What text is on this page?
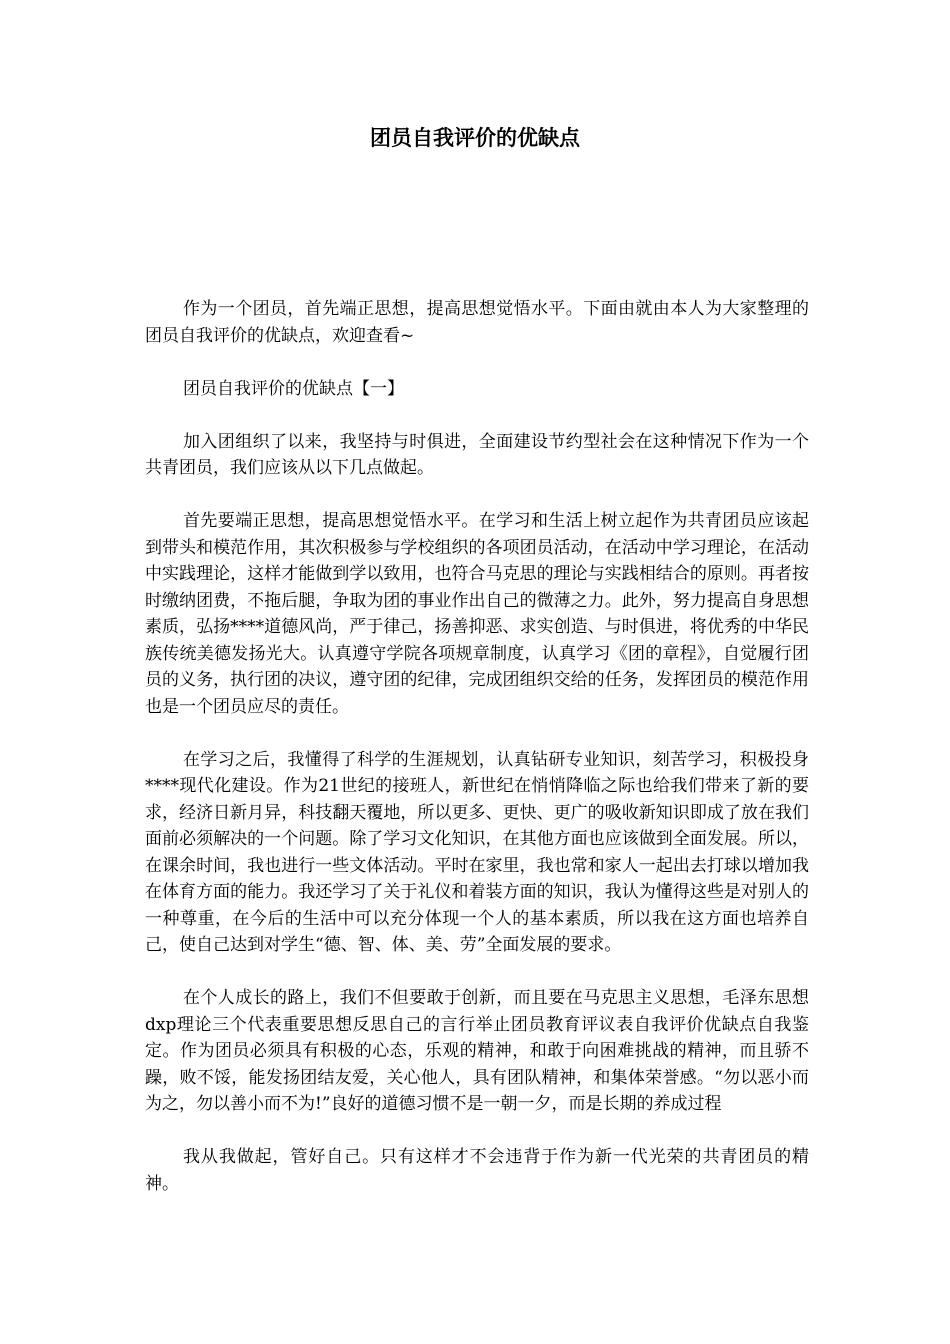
团员自我评价的优缺点

作为一个团员，首先端正思想，提高思想觉悟水平。下面由就由本人为大家整理的团员自我评价的优缺点，欢迎查看~

团员自我评价的优缺点【一】

加入团组织了以来，我坚持与时俱进，全面建设节约型社会在这种情况下作为一个共青团员，我们应该从以下几点做起。

首先要端正思想，提高思想觉悟水平。在学习和生活上树立起作为共青团员应该起到带头和模范作用，其次积极参与学校组织的各项团员活动，在活动中学习理论，在活动中实践理论，这样才能做到学以致用，也符合马克思的理论与实践相结合的原则。再者按时缴纳团费，不拖后腿，争取为团的事业作出自己的微薄之力。此外，努力提高自身思想素质，弘扬****道德风尚，严于律己，扬善抑恶、求实创造、与时俱进，将优秀的中华民族传统美德发扬光大。认真遵守学院各项规章制度，认真学习《团的章程》，自觉履行团员的义务，执行团的决议，遵守团的纪律，完成团组织交给的任务，发挥团员的模范作用也是一个团员应尽的责任。

在学习之后，我懂得了科学的生涯规划，认真钻研专业知识，刻苦学习，积极投身****现代化建设。作为21世纪的接班人，新世纪在悄悄降临之际也给我们带来了新的要求，经济日新月异，科技翻天覆地，所以更多、更快、更广的吸收新知识即成了放在我们面前必须解决的一个问题。除了学习文化知识，在其他方面也应该做到全面发展。所以，在课余时间，我也进行一些文体活动。平时在家里，我也常和家人一起出去打球以增加我在体育方面的能力。我还学习了关于礼仪和着装方面的知识，我认为懂得这些是对别人的一种尊重，在今后的生活中可以充分体现一个人的基本素质，所以我在这方面也培养自己，使自己达到对学生“德、智、体、美、劳”全面发展的要求。

在个人成长的路上，我们不但要敢于创新，而且要在马克思主义思想，毛泽东思想dxp理论三个代表重要思想反思自己的言行举止团员教育评议表自我评价优缺点自我鉴定。作为团员必须具有积极的心态，乐观的精神，和敢于向困难挑战的精神，而且骄不躁，败不馁，能发扬团结友爱，关心他人，具有团队精神，和集体荣誉感。“勿以恶小而为之，勿以善小而不为!”良好的道德习惯不是一朝一夕，而是长期的养成过程

我从我做起，管好自己。只有这样才不会违背于作为新一代光荣的共青团员的精神。
